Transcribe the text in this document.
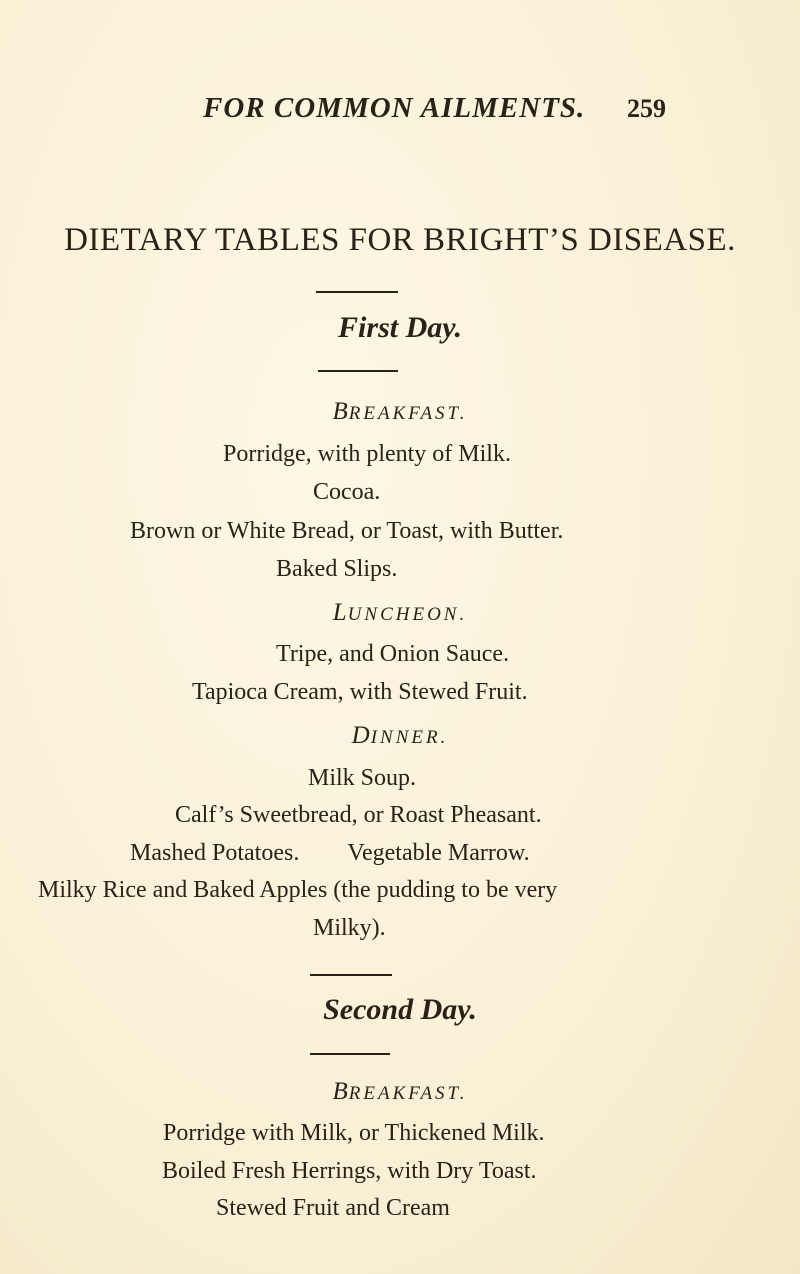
FOR COMMON AILMENTS. 259
DIETARY TABLES FOR BRIGHT’S DISEASE.
First Day.
BREAKFAST.
Porridge, with plenty of Milk.
Cocoa.
Brown or White Bread, or Toast, with Butter.
Baked Slips.
LUNCHEON.
Tripe, and Onion Sauce.
Tapioca Cream, with Stewed Fruit.
DINNER.
Milk Soup.
Calf’s Sweetbread, or Roast Pheasant.
Mashed Potatoes. Vegetable Marrow.
Milky Rice and Baked Apples (the pudding to be very
Milky).
Second Day.
BREAKFAST.
Porridge with Milk, or Thickened Milk.
Boiled Fresh Herrings, with Dry Toast.
Stewed Fruit and Cream
